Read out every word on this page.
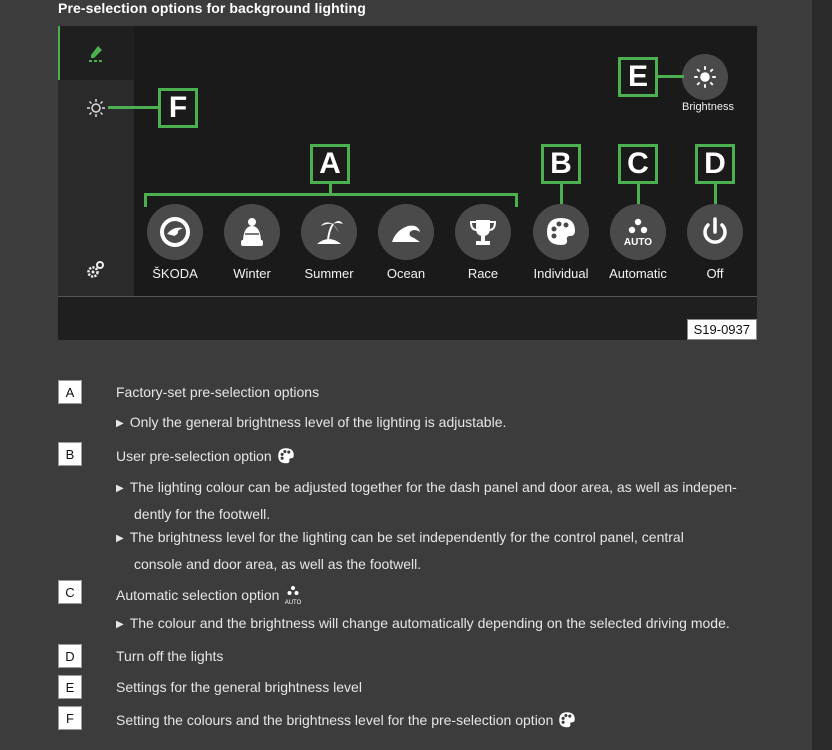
Pre-selection options for background lighting
Brightness
AUTO
ŠKODA	Winter	Summer	Ocean	Race	Individual	Automatic	Off
A	B	C	D
E
F
S19-0937
A	Factory-set pre-selection options
▶ Only the general brightness level of the lighting is adjustable.
B	User pre-selection option
▶ The lighting colour can be adjusted together for the dash panel and door area, as well as indepen-
dently for the footwell.
▶ The brightness level for the lighting can be set independently for the control panel, central
console and door area, as well as the footwell.
C	Automatic selection option AUTO
▶ The colour and the brightness will change automatically depending on the selected driving mode.
D	Turn off the lights
E	Settings for the general brightness level
F	Setting the colours and the brightness level for the pre-selection option
